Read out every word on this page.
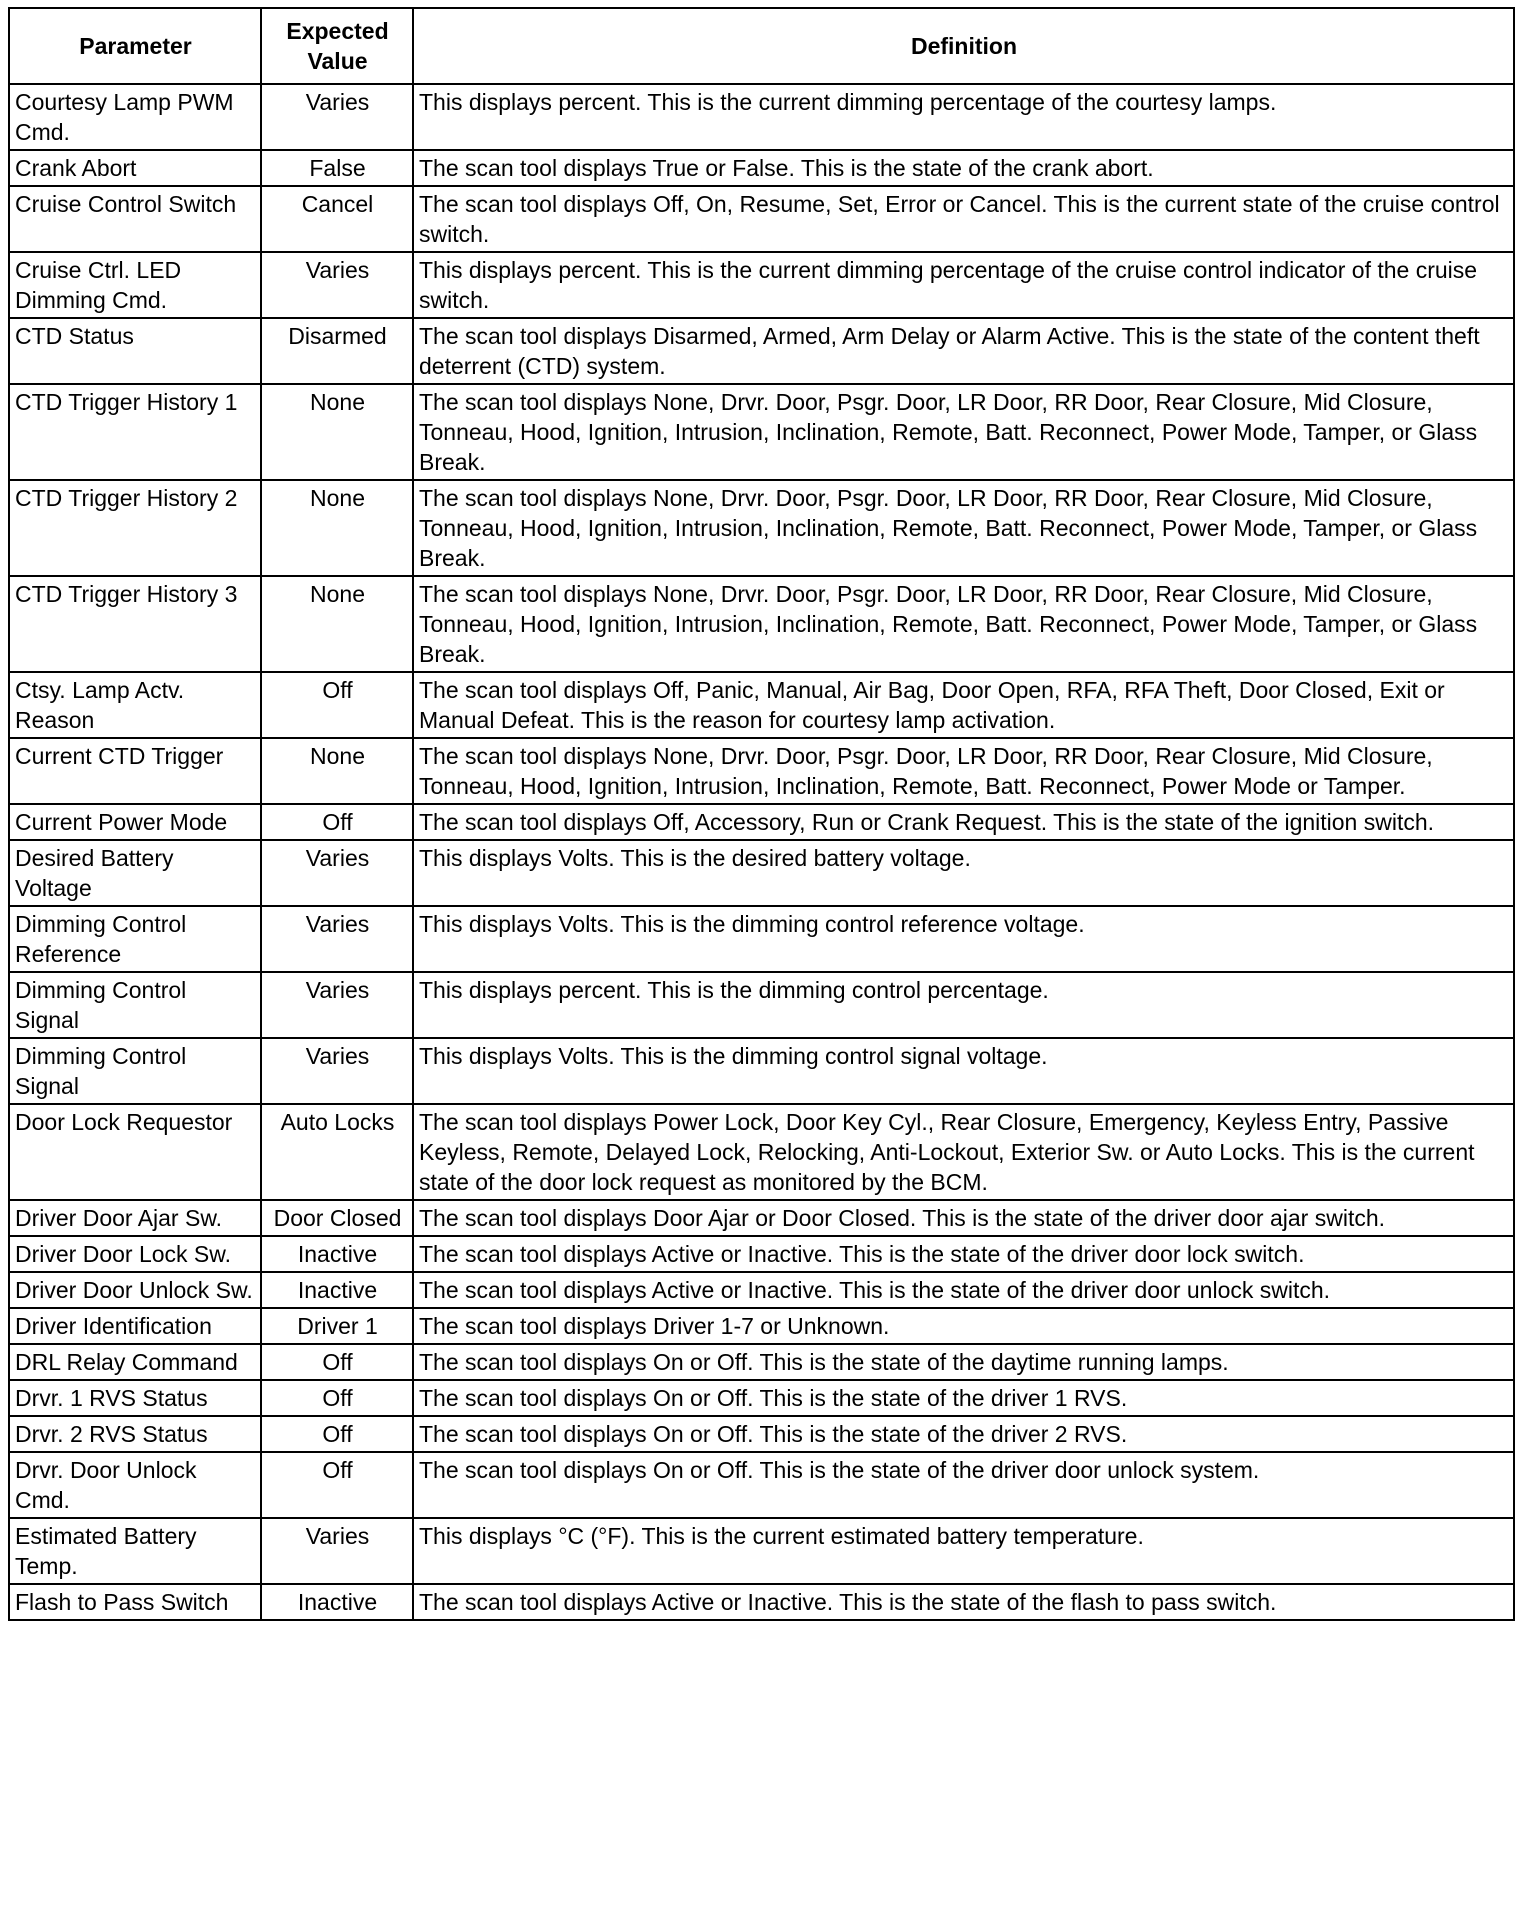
Parameter	Expected Value	Definition
Courtesy Lamp PWM Cmd.	Varies	This displays percent. This is the current dimming percentage of the courtesy lamps.
Crank Abort	False	The scan tool displays True or False. This is the state of the crank abort.
Cruise Control Switch	Cancel	The scan tool displays Off, On, Resume, Set, Error or Cancel. This is the current state of the cruise control switch.
Cruise Ctrl. LED Dimming Cmd.	Varies	This displays percent. This is the current dimming percentage of the cruise control indicator of the cruise switch.
CTD Status	Disarmed	The scan tool displays Disarmed, Armed, Arm Delay or Alarm Active. This is the state of the content theft deterrent (CTD) system.
CTD Trigger History 1	None	The scan tool displays None, Drvr. Door, Psgr. Door, LR Door, RR Door, Rear Closure, Mid Closure, Tonneau, Hood, Ignition, Intrusion, Inclination, Remote, Batt. Reconnect, Power Mode, Tamper, or Glass Break.
CTD Trigger History 2	None	The scan tool displays None, Drvr. Door, Psgr. Door, LR Door, RR Door, Rear Closure, Mid Closure, Tonneau, Hood, Ignition, Intrusion, Inclination, Remote, Batt. Reconnect, Power Mode, Tamper, or Glass Break.
CTD Trigger History 3	None	The scan tool displays None, Drvr. Door, Psgr. Door, LR Door, RR Door, Rear Closure, Mid Closure, Tonneau, Hood, Ignition, Intrusion, Inclination, Remote, Batt. Reconnect, Power Mode, Tamper, or Glass Break.
Ctsy. Lamp Actv. Reason	Off	The scan tool displays Off, Panic, Manual, Air Bag, Door Open, RFA, RFA Theft, Door Closed, Exit or Manual Defeat. This is the reason for courtesy lamp activation.
Current CTD Trigger	None	The scan tool displays None, Drvr. Door, Psgr. Door, LR Door, RR Door, Rear Closure, Mid Closure, Tonneau, Hood, Ignition, Intrusion, Inclination, Remote, Batt. Reconnect, Power Mode or Tamper.
Current Power Mode	Off	The scan tool displays Off, Accessory, Run or Crank Request. This is the state of the ignition switch.
Desired Battery Voltage	Varies	This displays Volts. This is the desired battery voltage.
Dimming Control Reference	Varies	This displays Volts. This is the dimming control reference voltage.
Dimming Control Signal	Varies	This displays percent. This is the dimming control percentage.
Dimming Control Signal	Varies	This displays Volts. This is the dimming control signal voltage.
Door Lock Requestor	Auto Locks	The scan tool displays Power Lock, Door Key Cyl., Rear Closure, Emergency, Keyless Entry, Passive Keyless, Remote, Delayed Lock, Relocking, Anti-Lockout, Exterior Sw. or Auto Locks. This is the current state of the door lock request as monitored by the BCM.
Driver Door Ajar Sw.	Door Closed	The scan tool displays Door Ajar or Door Closed. This is the state of the driver door ajar switch.
Driver Door Lock Sw.	Inactive	The scan tool displays Active or Inactive. This is the state of the driver door lock switch.
Driver Door Unlock Sw.	Inactive	The scan tool displays Active or Inactive. This is the state of the driver door unlock switch.
Driver Identification	Driver 1	The scan tool displays Driver 1-7 or Unknown.
DRL Relay Command	Off	The scan tool displays On or Off. This is the state of the daytime running lamps.
Drvr. 1 RVS Status	Off	The scan tool displays On or Off. This is the state of the driver 1 RVS.
Drvr. 2 RVS Status	Off	The scan tool displays On or Off. This is the state of the driver 2 RVS.
Drvr. Door Unlock Cmd.	Off	The scan tool displays On or Off. This is the state of the driver door unlock system.
Estimated Battery Temp.	Varies	This displays °C (°F). This is the current estimated battery temperature.
Flash to Pass Switch	Inactive	The scan tool displays Active or Inactive. This is the state of the flash to pass switch.
